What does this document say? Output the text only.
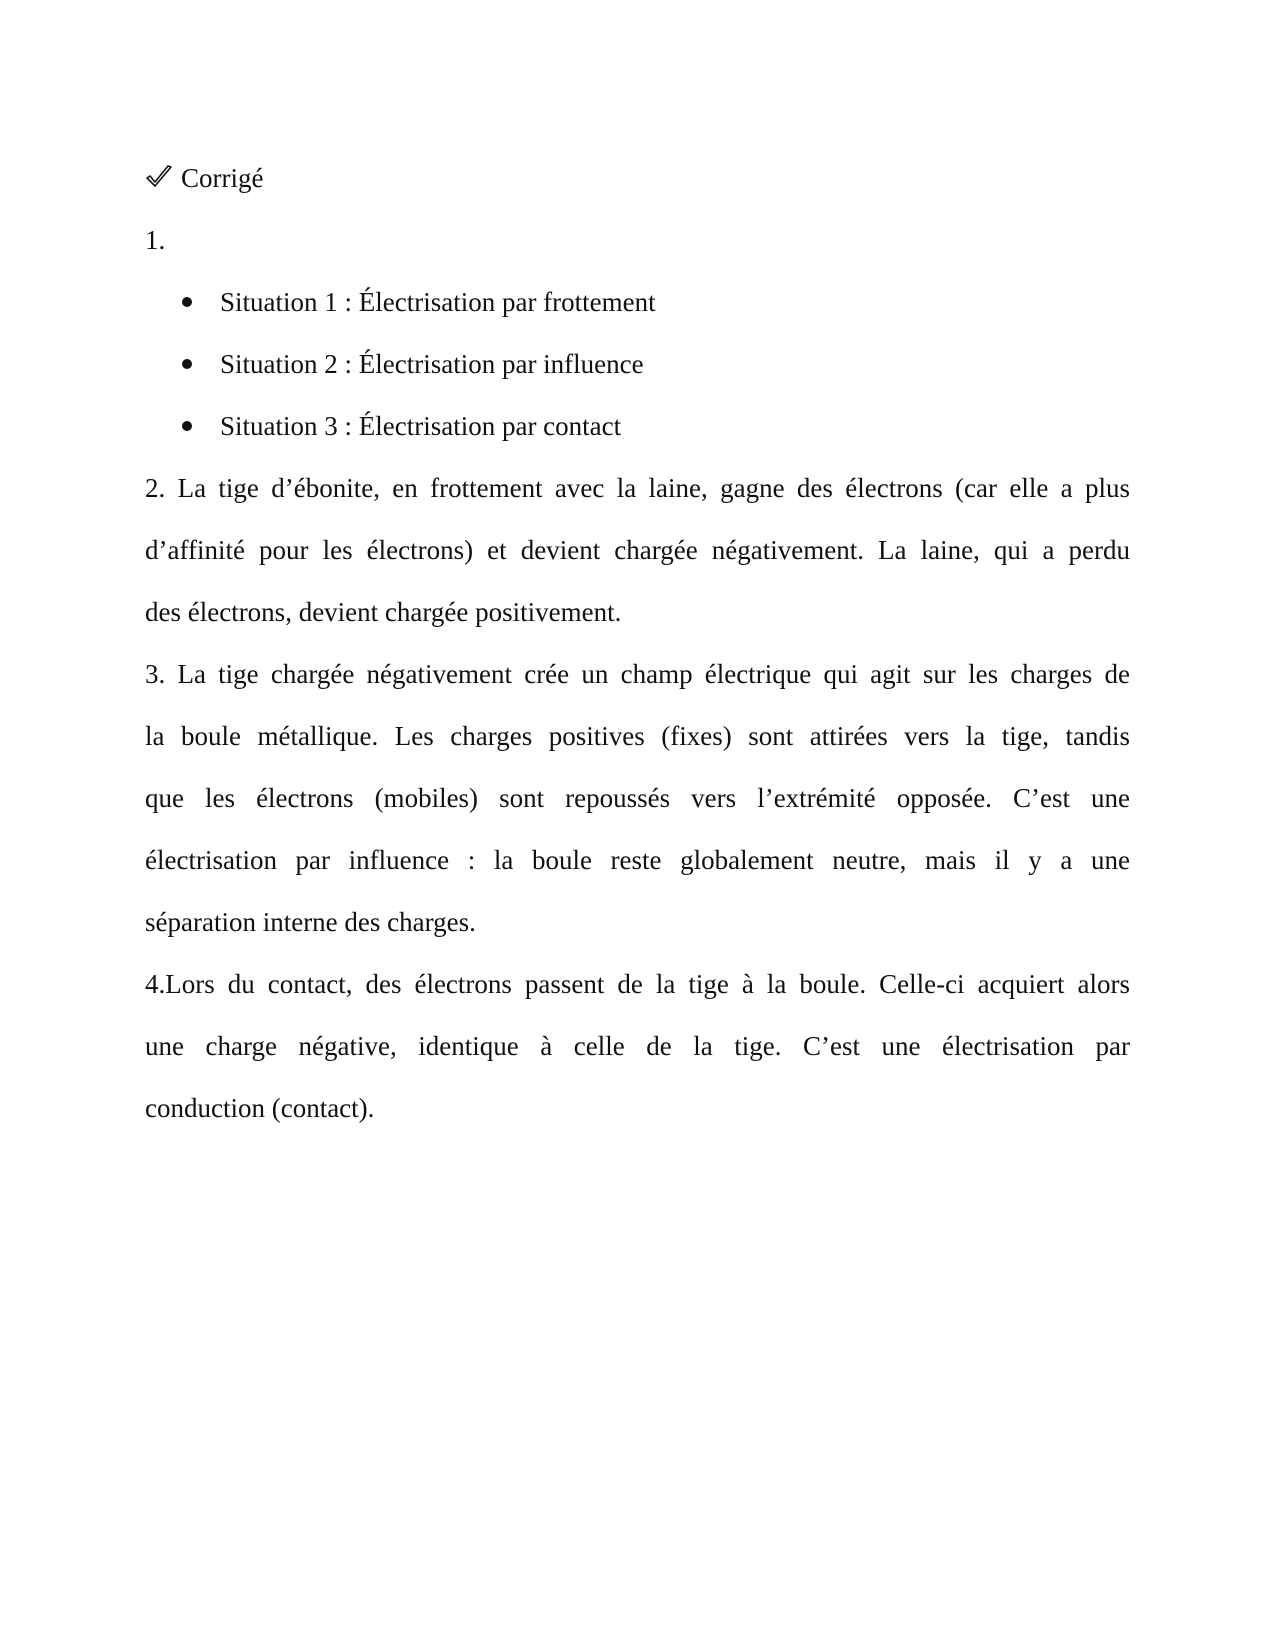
Corrigé
1.
Situation 1 : Électrisation par frottement
Situation 2 : Électrisation par influence
Situation 3 : Électrisation par contact
2. La tige d’ébonite, en frottement avec la laine, gagne des électrons (car elle a plus
d’affinité pour les électrons) et devient chargée négativement. La laine, qui a perdu
des électrons, devient chargée positivement.
3. La tige chargée négativement crée un champ électrique qui agit sur les charges de
la boule métallique. Les charges positives (fixes) sont attirées vers la tige, tandis
que les électrons (mobiles) sont repoussés vers l’extrémité opposée. C’est une
électrisation par influence : la boule reste globalement neutre, mais il y a une
séparation interne des charges.
4.Lors du contact, des électrons passent de la tige à la boule. Celle-ci acquiert alors
une charge négative, identique à celle de la tige. C’est une électrisation par
conduction (contact).
